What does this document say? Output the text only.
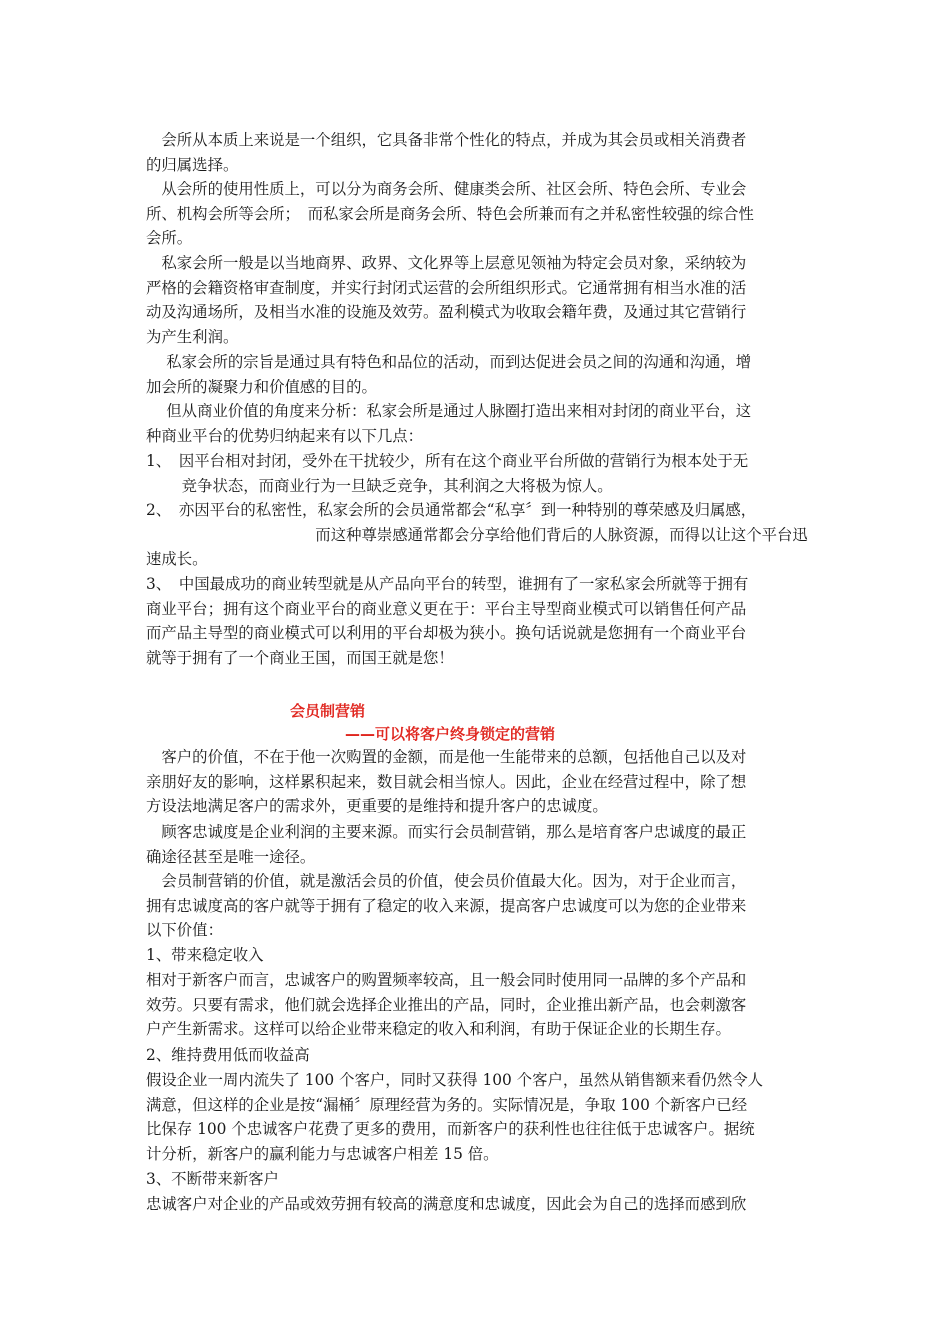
　会所从本质上来说是一个组织，它具备非常个性化的特点，并成为其会员或相关消费者
的归属选择。
　从会所的使用性质上，可以分为商务会所、健康类会所、社区会所、特色会所、专业会
所、机构会所等会所；　而私家会所是商务会所、特色会所兼而有之并私密性较强的综合性
会所。
　私家会所一般是以当地商界、政界、文化界等上层意见领袖为特定会员对象，采纳较为
严格的会籍资格审查制度，并实行封闭式运营的会所组织形式。它通常拥有相当水准的活
动及沟通场所，及相当水准的设施及效劳。盈利模式为收取会籍年费，及通过其它营销行
为产生利润。
　 私家会所的宗旨是通过具有特色和品位的活动，而到达促进会员之间的沟通和沟通，增
加会所的凝聚力和价值感的目的。
　 但从商业价值的角度来分析：私家会所是通过人脉圈打造出来相对封闭的商业平台，这
种商业平台的优势归纳起来有以下几点：
1、　因平台相对封闭，受外在干扰较少，所有在这个商业平台所做的营销行为根本处于无
　　 竞争状态，而商业行为一旦缺乏竞争，其利润之大将极为惊人。
2、　亦因平台的私密性，私家会所的会员通常都会“私享〞到一种特别的尊荣感及归属感，
　　　　　　　　　　　而这种尊崇感通常都会分享给他们背后的人脉资源，而得以让这个平台迅
速成长。
3、　中国最成功的商业转型就是从产品向平台的转型，谁拥有了一家私家会所就等于拥有
商业平台；拥有这个商业平台的商业意义更在于：平台主导型商业模式可以销售任何产品
而产品主导型的商业模式可以利用的平台却极为狭小。换句话说就是您拥有一个商业平台
就等于拥有了一个商业王国，而国王就是您！
会员制营销
——可以将客户终身锁定的营销
　客户的价值，不在于他一次购置的金额，而是他一生能带来的总额，包括他自己以及对
亲朋好友的影响，这样累积起来，数目就会相当惊人。因此，企业在经营过程中，除了想
方设法地满足客户的需求外，更重要的是维持和提升客户的忠诚度。
　顾客忠诚度是企业利润的主要来源。而实行会员制营销，那么是培育客户忠诚度的最正
确途径甚至是唯一途径。
　会员制营销的价值，就是激活会员的价值，使会员价值最大化。因为，对于企业而言，
拥有忠诚度高的客户就等于拥有了稳定的收入来源，提高客户忠诚度可以为您的企业带来
以下价值：
1、带来稳定收入
相对于新客户而言，忠诚客户的购置频率较高，且一般会同时使用同一品牌的多个产品和
效劳。只要有需求，他们就会选择企业推出的产品，同时，企业推出新产品，也会刺激客
户产生新需求。这样可以给企业带来稳定的收入和利润，有助于保证企业的长期生存。
2、维持费用低而收益高
假设企业一周内流失了 100 个客户，同时又获得 100 个客户，虽然从销售额来看仍然令人
满意，但这样的企业是按“漏桶〞原理经营为务的。实际情况是，争取 100 个新客户已经
比保存 100 个忠诚客户花费了更多的费用，而新客户的获利性也往往低于忠诚客户。据统
计分析，新客户的赢利能力与忠诚客户相差 15 倍。
3、不断带来新客户
忠诚客户对企业的产品或效劳拥有较高的满意度和忠诚度，因此会为自己的选择而感到欣
